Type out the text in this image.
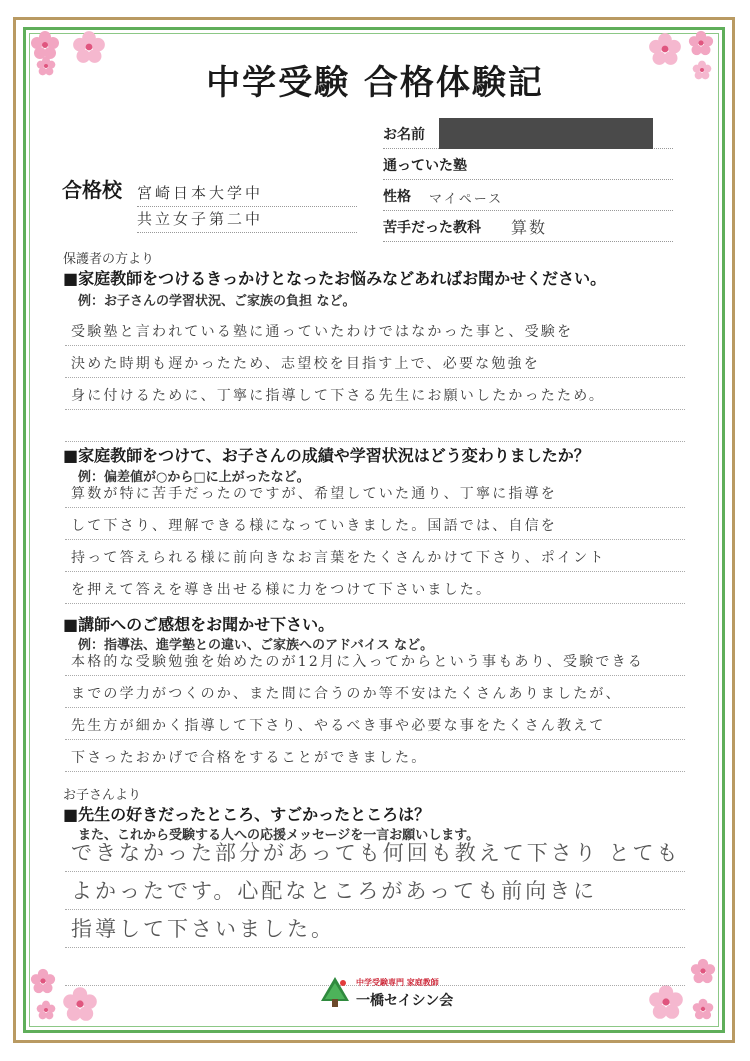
中学受験 合格体験記
お名前
通っていた塾
性格 マイペース
苦手だった教科 算数
合格校 宮崎日本大学中
共立女子第二中
保護者の方より
■家庭教師をつけるきっかけとなったお悩みなどあればお聞かせください。
例：お子さんの学習状況、ご家族の負担 など。
受験塾と言われている塾に通っていたわけではなかった事と、受験を
決めた時期も遅かったため、志望校を目指す上で、必要な勉強を
身に付けるために、丁寧に指導して下さる先生にお願いしたかったため。
■家庭教師をつけて、お子さんの成績や学習状況はどう変わりましたか？
例：偏差値が○から□に上がったなど。
算数が特に苦手だったのですが、希望していた通り、丁寧に指導を
して下さり、理解できる様になっていきました。国語では、自信を
持って答えられる様に前向きなお言葉をたくさんかけて下さり、ポイント
を押えて答えを導き出せる様に力をつけて下さいました。
■講師へのご感想をお聞かせ下さい。
例：指導法、進学塾との違い、ご家族へのアドバイス など。
本格的な受験勉強を始めたのが12月に入ってからという事もあり、受験できる
までの学力がつくのか、また間に合うのか等不安はたくさんありましたが、
先生方が細かく指導して下さり、やるべき事や必要な事をたくさん教えて
下さったおかげで合格をすることができました。
お子さんより
■先生の好きだったところ、すごかったところは？
また、これから受験する人への応援メッセージを一言お願いします。
できなかった部分があっても何回も教えて下さり とても
よかったです。心配なところがあっても前向きに
指導して下さいました。
中学受験専門 家庭教師
一橋セイシン会
